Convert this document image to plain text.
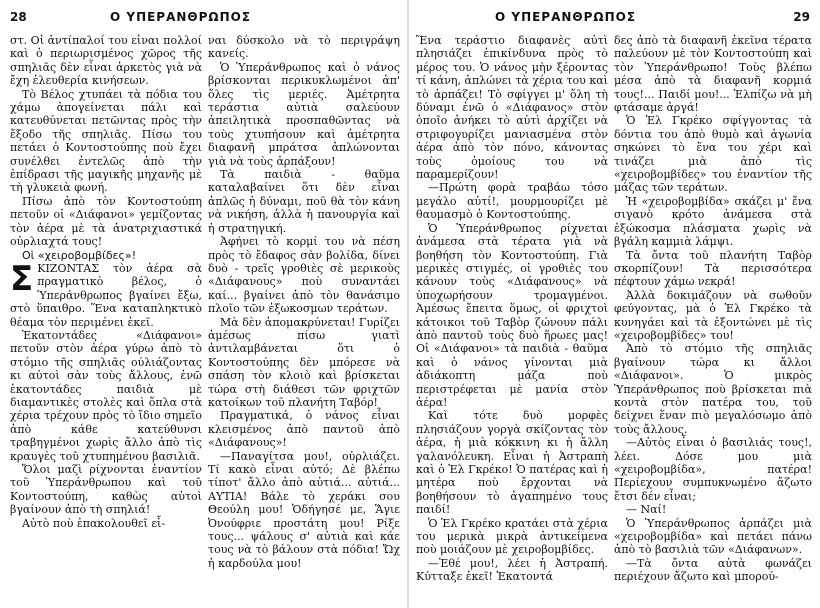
28	Ο ΥΠΕΡΑΝΘΡΩΠΟΣ

στ. Οἱ ἀντίπαλοί του εἶναι πολλοί καὶ ὁ περιωρισμένος χῶρος τῆς σπηλιᾶς δὲν εἶναι ἀρκετὸς γιὰ νὰ ἔχη ἐλευθερία κινήσεων.

Τὸ Βέλος χτυπάει τὰ πόδια του χάμω ἀπογείνεται πάλι καὶ κατευθύνεται πετῶντας πρὸς τὴν ἔξοδο τῆς σπηλιᾶς. Πίσω του πετάει ὁ Κοντοστούπης ποὺ ἔχει συνέλθει ἐντελῶς ἀπὸ τὴν ἐπίδρασι τῆς μαγικῆς μηχανῆς μὲ τὴ γλυκειὰ φωνή.

Πίσω ἀπὸ τὸν Κοντοστούπη πετοῦν οἱ «Διάφανοι» γεμίζοντας τὸν ἀέρα μὲ τὰ ἀνατριχιαστικά οὐρλιαχτά τους!

Οἱ «χειροβομβίδες»!

Σ ΚΙΖΟΝΤΑΣ τὸν ἀέρα σὰ πραγματικὸ βέλος, ὁ Ὑπεράνθρωπος βγαίνει ἔξω, στὸ ὕπαιθρο. Ἕνα καταπληκτικὸ θέαμα τὸν περιμένει ἐκεῖ.

Ἑκατοντάδες «Διάφανοι» πετοῦν στὸν ἀέρα γύρω ἀπὸ τὸ στόμιο τῆς σπηλιᾶς ούλιάζοντας κι αὐτοὶ σὰν τοὺς ἄλλους, ἐνῶ ἑκατοντάδες παιδιὰ μὲ διαμαντικὲς στολὲς καὶ ὅπλα στὰ χέρια τρέχουν πρὸς τὸ ἴδιο σημεῖο ἀπὸ κάθε κατεύθυνσι τραβηγμένοι χωρὶς ἄλλο ἀπὸ τὶς κραυγὲς τοῦ χτυπημένου βασιλιᾶ.

Ὅλοι μαζὶ ρίχνονται ἐναντίον τοῦ Ὑπεράνθρωπου καὶ τοῦ Κοντοστούπη, καθὼς αὐτοὶ βγαίνουν ἀπὸ τὴ σπηλιά!

Αὐτὸ ποὺ ἐπακολουθεῖ εἶ-

ναι δύσκολο νὰ τὸ περιγράψη κανείς.

Ὁ Ὑπεράνθρωπος καὶ ὁ νάνος βρίσκονται περικυκλωμένοι ἀπ' ὅλες τὶς μεριές. Ἀμέτρητα τεράστια αὐτιὰ σαλεύουν ἀπειλητικὰ προσπαθῶντας νὰ τοὺς χτυπήσουν καὶ ἀμέτρητα διαφανῆ μπράτσα ἁπλώνονται γιὰ νὰ τοὺς ἁρπάξουν!

Τὰ παιδιὰ - θαῦμα καταλαβαίνει ὅτι δὲν εἶναι ἁπλῶς ἡ δύναμι, ποῦ θὰ τὸν κάνη νὰ νικήση, ἀλλὰ ἡ πανουργία καὶ ἡ στρατηγική.

Ἀφήνει τὸ κορμί του νὰ πέση πρὸς τὸ ἔδαφος σὰν βολίδα, δίνει δυὸ - τρεῖς γροθιὲς σὲ μερικοὺς «Διάφανους» ποὺ συναντάει καί... βγαίνει ἀπὸ τὸν θανάσιμο πλοῖο τῶν ἐξωκοσμων τεράτων.

Μὰ δὲν ἀπομακρύνεται! Γυρίζει ἀμέσως πίσω γιατὶ ἀντιλαμβάνεται ὅτι ὁ Κοντοστούπης δὲν μπόρεσε νὰ σπάση τὸν κλοιὸ καὶ βρίσκεται τώρα στὴ διάθεσι τῶν φριχτῶν κατοίκων τοῦ πλανήτη Ταβόρ!

Πραγματικά, ὁ νάνος εἶναι κλεισμένος ἀπὸ παντοῦ ἀπὸ «Διάφανους»!

—Παναγίτσα μου!, οὐρλιάζει. Τί κακὸ εἶναι αὐτό; Δὲ βλέπω τίποτ' ἄλλο ἀπὸ αὐτιά... αὐτιά... ΑΥΤΙΑ! Βάλε τὸ χεράκι σου Θεούλη μου! Ὁδήγησέ με, Ἅγιε Ὀνούφριε προστάτη μου! Ρίξε τους... ψάλους σ' αὐτιὰ καὶ κάε τους νὰ τὸ βάλουν στὰ πόδια! Ὤχ ἡ καρδούλα μου!

Ο ΥΠΕΡΑΝΘΡΩΠΟΣ	29

Ἕνα τεράστιο διαφανὲς αὐτὶ πλησιάζει ἐπικίνδυνα πρὸς τὸ μέρος του. Ὁ νάνος μὴν ξέροντας τί κάνη, ἁπλώνει τὰ χέρια του καὶ τὸ ἁρπάζει! Τὸ σφίγγει μ' ὅλη τὴ δύναμι ἐνῶ ὁ «Διάφανος» στὸν ὁποῖο ἀνήκει τὸ αὐτὶ ἀρχίζει νὰ στριφογυρίζει μανιασμένα στὸν ἀέρα ἀπὸ τὸν πόνο, κάνοντας τοὺς ὁμοίους του νὰ παραμερίζουν!

—Πρώτη φορὰ τραβάω τόσο μεγάλο αὐτί!, μουρμουρίζει μὲ θαυμασμὸ ὁ Κοντοστούπης.

Ὁ Ὑπεράνθρωπος ρίχνεται ἀνάμεσα στὰ τέρατα γιὰ νὰ βοηθήση τὸν Κοντοστούπη. Γιὰ μερικὲς στιγμές, οἱ γροθιὲς του κάνουν τοὺς «Διάφανους» νὰ ὑποχωρήσουν τρομαγμένοι. Ἀμέσως ἔπειτα ὅμως, οἱ φριχτοὶ κάτοικοι τοῦ Ταβὸρ ζώνουν πάλι ἀπὸ παντοῦ τοὺς δυὸ ἥρωες μας! Οἱ «Διάφανοι» τὰ παιδιὰ - θαῦμα καὶ ὁ νάνος γίνονται μιὰ ἀδιάκοπτη μάζα ποὺ περιστρέφεται μὲ μανία στὸν ἀέρα!

Καὶ τότε δυὸ μορφὲς πλησιάζουν γοργὰ σκίζοντας τὸν ἀέρα, ἡ μιὰ κόκκινη κι ἡ ἄλλη γαλανόλευκη. Εἶναι ἡ Ἀστραπὴ καὶ ὁ Ἑλ Γκρέκο! Ὁ πατέρας καὶ ἡ μητέρα ποὺ ἔρχονται νὰ βοηθήσουν τὸ ἀγαπημένο τους παιδί!

Ὁ Ἑλ Γκρέκο κρατάει στὰ χέρια του μερικὰ μικρὰ ἀντικείμενα ποὺ μοιάζουν μὲ χειροβομβίδες.

—Ἐθέ μου!, λέει ἡ Ἀστραπή. Κύτταξε ἐκεῖ! Ἑκατοντά

δες ἀπὸ τὰ διαφανῆ ἐκεῖνα τέρατα παλεύουν μὲ τὸν Κοντοστούπη καὶ τὸν Ὑπεράνθρωπο! Τοὺς βλέπω μέσα ἀπὸ τὰ διαφανῆ κορμιά τους!... Παιδί μου!... Ἐλπίζω νὰ μὴ φτάσαμε ἀργά!

Ὁ Ἑλ Γκρέκο σφίγγοντας τὰ δόντια του ἀπὸ θυμὸ καὶ ἀγωνία σηκώνει τὸ ἕνα του χέρι καὶ τινάζει μιὰ ἀπὸ τὶς «χειροβομβίδες» του ἐναντίον τῆς μάζας τῶν τεράτων.

Ἡ «χειροβομβίδα» σκάζει μ' ἕνα σιγανὸ κρότο ἀνάμεσα στὰ ἐξώκοσμα πλάσματα χωρὶς νὰ βγάλη καμμιὰ λάμψι.

Τὰ ὄντα τοῦ πλανήτη Ταβὸρ σκορπίζουν! Τὰ περισσότερα πέφτουν χάμω νεκρά!

Ἀλλὰ δοκιμάζουν νὰ σωθοῦν φεύγοντας, μὰ ὁ Ἑλ Γκρέκο τὰ κυνηγάει καὶ τὰ ἐξοντώνει μὲ τὶς «χειροβομβίδες» του!

Ἀπὸ τὸ στόμιο τῆς σπηλιᾶς βγαίνουν τώρα κι ἄλλοι «Διάφανοι». Ὁ μικρὸς Ὑπεράνθρωπος ποὺ βρίσκεται πιὰ κοντὰ στὸν πατέρα του, τοῦ δείχνει ἕναν πιὸ μεγαλόσωμο ἀπὸ τοὺς ἄλλους.

—Αὐτὸς εἶναι ὁ βασιλιάς τους!, λέει. Δόσε μου μιὰ «χειροβομβίδα», πατέρα! Περίεχουν συμπυκνωμένο ἄζωτο ἔτσι δέν εἶναι;

— Ναί!

Ὁ Ὑπεράνθρωπος ἁρπάζει μιὰ «χειροβομβίδα» καὶ πετάει πάνω ἀπὸ τὸ βασιλιὰ τῶν «Διάφανων».

—Τὰ ὄντα αὐτὰ φωνάζει περιέχουν ἄζωτο καὶ μπορού-
